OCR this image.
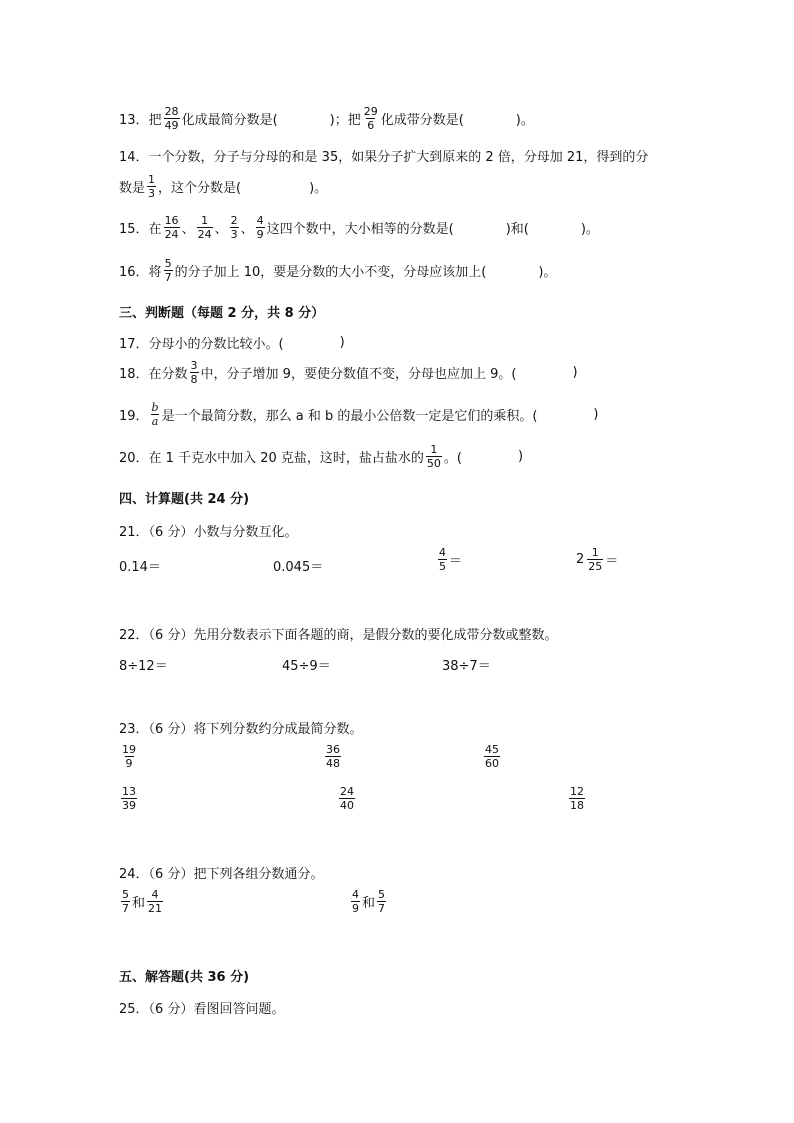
13． 把 $\frac{28}{49}$ 化成最简分数是(	)；把 $\frac{29}{6}$ 化成带分数是(	)。
14．一个分数，分子与分母的和是 35，如果分子扩大到原来的 2 倍，分母加 21，得到的分
数是 $\frac{1}{3}$ ，这个分数是(	)。
15． 在 $\frac{16}{24}$ 、 $\frac{1}{24}$ 、 $\frac{2}{3}$ 、 $\frac{4}{9}$ 这四个数中，大小相等的分数是(	)和(	)。
16． 将 $\frac{5}{7}$ 的分子加上 10，要是分数的大小不变，分母应该加上(	)。
三、判断题（每题 2 分，共 8 分）
17．分母小的分数比较小。(	)
18．在分数 $\frac{3}{8}$ 中，分子增加 9，要使分数值不变，分母也应加上 9。(	)
19． $\frac{b}{a}$ 是一个最简分数，那么 a 和 b 的最小公倍数一定是它们的乘积。(	)
20．在 1 千克水中加入 20 克盐，这时，盐占盐水的 $\frac{1}{50}$ 。(	)
四、计算题(共 24 分)
21．（6 分）小数与分数互化。
0.14＝	0.045＝	$\frac{4}{5}$ ＝	$2 \frac{1}{25}$ ＝
22．（6 分）先用分数表示下面各题的商，是假分数的要化成带分数或整数。
8÷12＝	45÷9＝	38÷7＝
23．（6 分）将下列分数约分成最简分数。
$\frac{19}{9}$	$\frac{36}{48}$	$\frac{45}{60}$
$\frac{13}{39}$	$\frac{24}{40}$	$\frac{12}{18}$
24．（6 分）把下列各组分数通分。
$\frac{5}{7}$ 和 $\frac{4}{21}$	$\frac{4}{9}$ 和 $\frac{5}{7}$
五、解答题(共 36 分)
25．（6 分）看图回答问题。
